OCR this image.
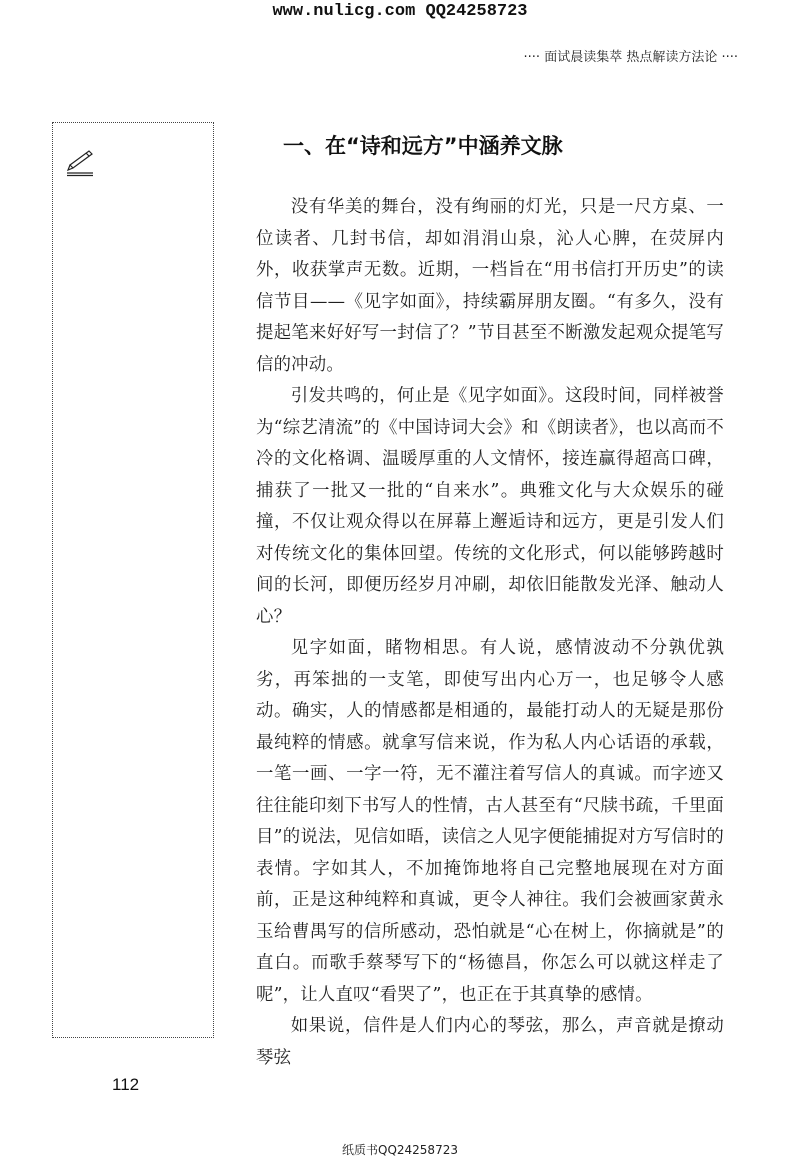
www.nulicg.com QQ24258723
···· 面试晨读集萃 热点解读方法论 ····
一、在“诗和远方”中涵养文脉

没有华美的舞台，没有绚丽的灯光，只是一尺方桌、一位读者、几封书信，却如涓涓山泉，沁人心脾，在荧屏内外，收获掌声无数。近期，一档旨在“用书信打开历史”的读信节目——《见字如面》，持续霸屏朋友圈。“有多久，没有提起笔来好好写一封信了？”节目甚至不断激发起观众提笔写信的冲动。

引发共鸣的，何止是《见字如面》。这段时间，同样被誉为“综艺清流”的《中国诗词大会》和《朗读者》，也以高而不冷的文化格调、温暖厚重的人文情怀，接连赢得超高口碑，捕获了一批又一批的“自来水”。典雅文化与大众娱乐的碰撞，不仅让观众得以在屏幕上邂逅诗和远方，更是引发人们对传统文化的集体回望。传统的文化形式，何以能够跨越时间的长河，即便历经岁月冲刷，却依旧能散发光泽、触动人心？

见字如面，睹物相思。有人说，感情波动不分孰优孰劣，再笨拙的一支笔，即使写出内心万一，也足够令人感动。确实，人的情感都是相通的，最能打动人的无疑是那份最纯粹的情感。就拿写信来说，作为私人内心话语的承载，一笔一画、一字一符，无不灌注着写信人的真诚。而字迹又往往能印刻下书写人的性情，古人甚至有“尺牍书疏，千里面目”的说法，见信如晤，读信之人见字便能捕捉对方写信时的表情。字如其人，不加掩饰地将自己完整地展现在对方面前，正是这种纯粹和真诚，更令人神往。我们会被画家黄永玉给曹禺写的信所感动，恐怕就是“心在树上，你摘就是”的直白。而歌手蔡琴写下的“杨德昌，你怎么可以就这样走了呢”，让人直叹“看哭了”，也正在于其真挚的感情。

如果说，信件是人们内心的琴弦，那么，声音就是撩动琴弦

112
纸质书QQ24258723
